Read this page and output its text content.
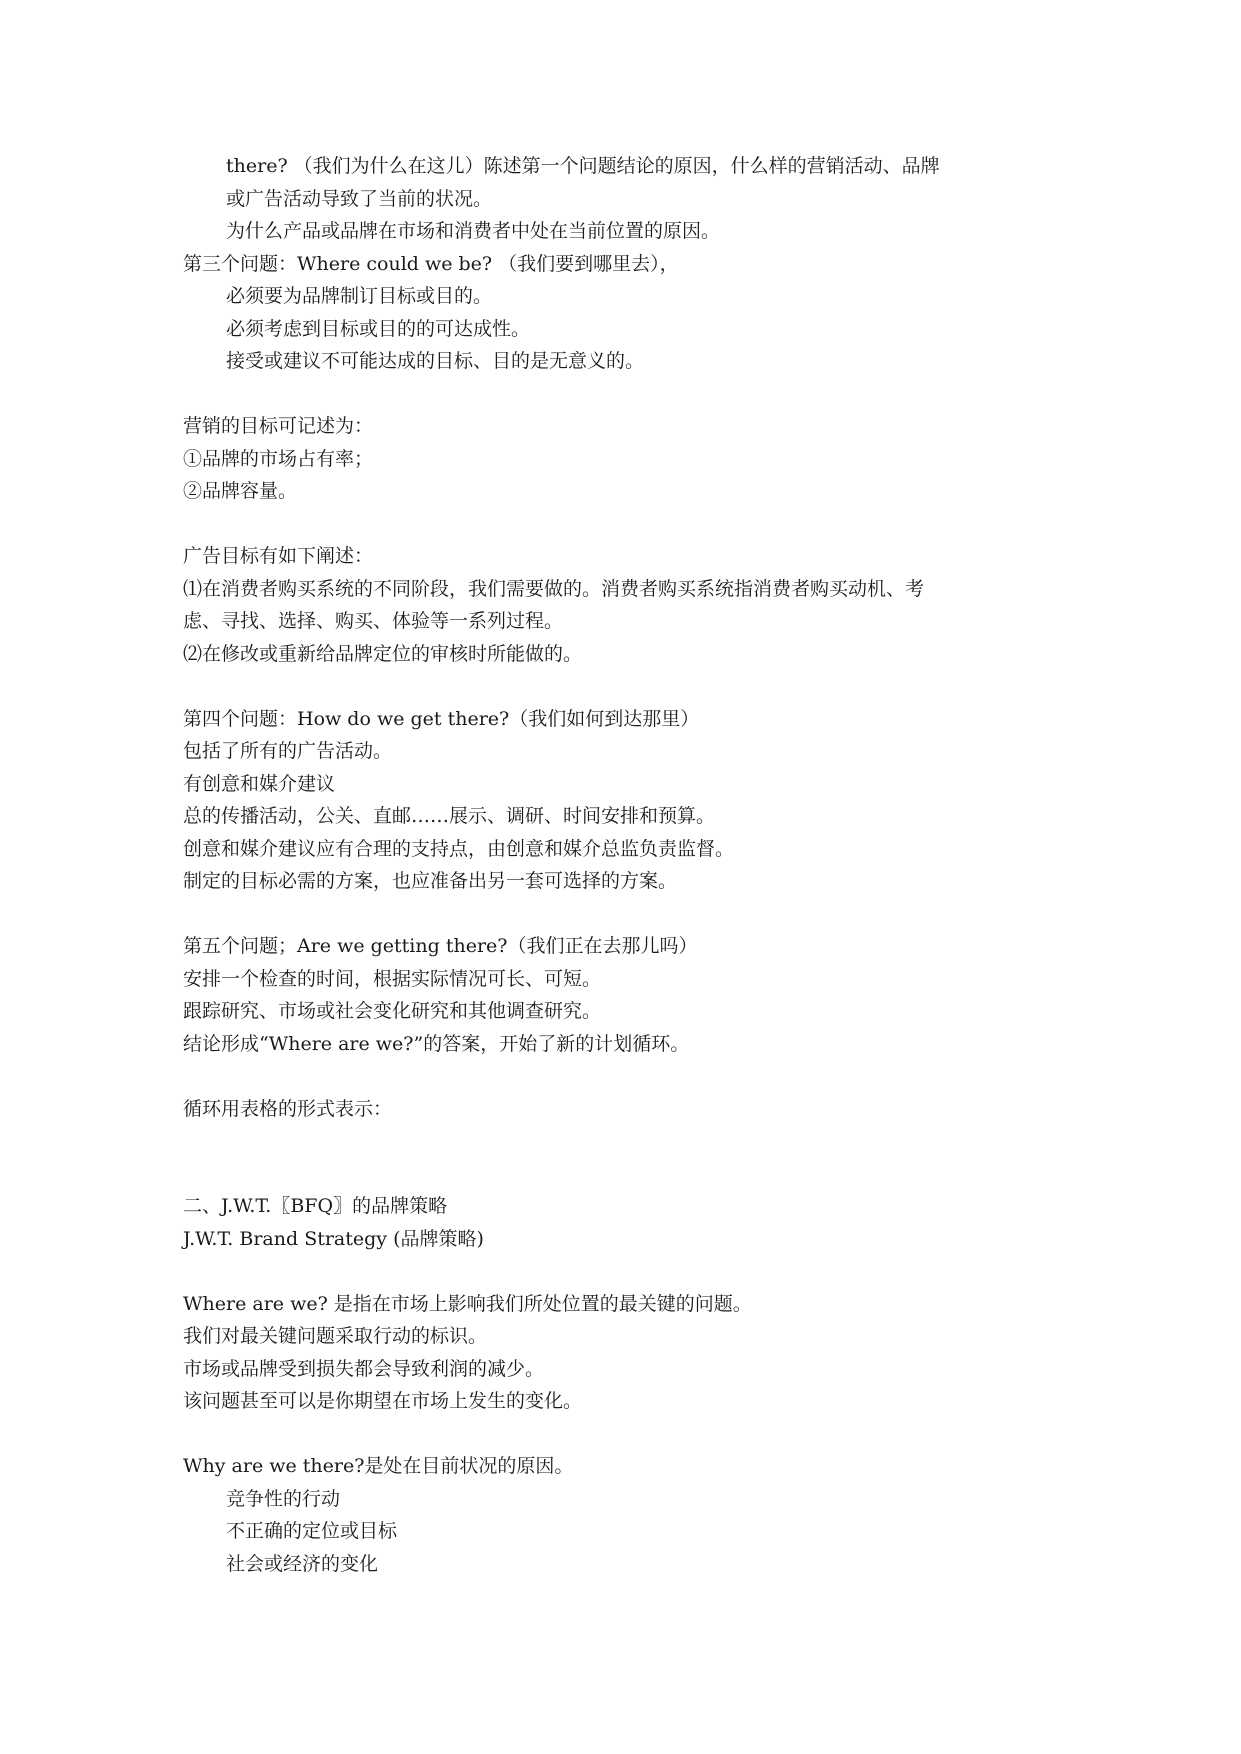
there? （我们为什么在这儿）陈述第一个问题结论的原因，什么样的营销活动、品牌

或广告活动导致了当前的状况。

为什么产品或品牌在市场和消费者中处在当前位置的原因。

第三个问题：Where could we be? （我们要到哪里去），

必须要为品牌制订目标或目的。

必须考虑到目标或目的的可达成性。

接受或建议不可能达成的目标、目的是无意义的。

营销的目标可记述为：

①品牌的市场占有率；

②品牌容量。

广告目标有如下阐述：

⑴在消费者购买系统的不同阶段，我们需要做的。消费者购买系统指消费者购买动机、考

虑、寻找、选择、购买、体验等一系列过程。

⑵在修改或重新给品牌定位的审核时所能做的。

第四个问题：How do we get there?（我们如何到达那里）

包括了所有的广告活动。

有创意和媒介建议

总的传播活动，公关、直邮……展示、调研、时间安排和预算。

创意和媒介建议应有合理的支持点，由创意和媒介总监负责监督。

制定的目标必需的方案，也应准备出另一套可选择的方案。

第五个问题；Are we getting there?（我们正在去那儿吗）

安排一个检查的时间，根据实际情况可长、可短。

跟踪研究、市场或社会变化研究和其他调查研究。

结论形成“Where are we?”的答案，开始了新的计划循环。

循环用表格的形式表示：

二、J.W.T.〖BFQ〗的品牌策略

J.W.T. Brand Strategy (品牌策略)

Where are we? 是指在市场上影响我们所处位置的最关键的问题。

我们对最关键问题采取行动的标识。

市场或品牌受到损失都会导致利润的减少。

该问题甚至可以是你期望在市场上发生的变化。

Why are we there?是处在目前状况的原因。

竞争性的行动

不正确的定位或目标

社会或经济的变化
